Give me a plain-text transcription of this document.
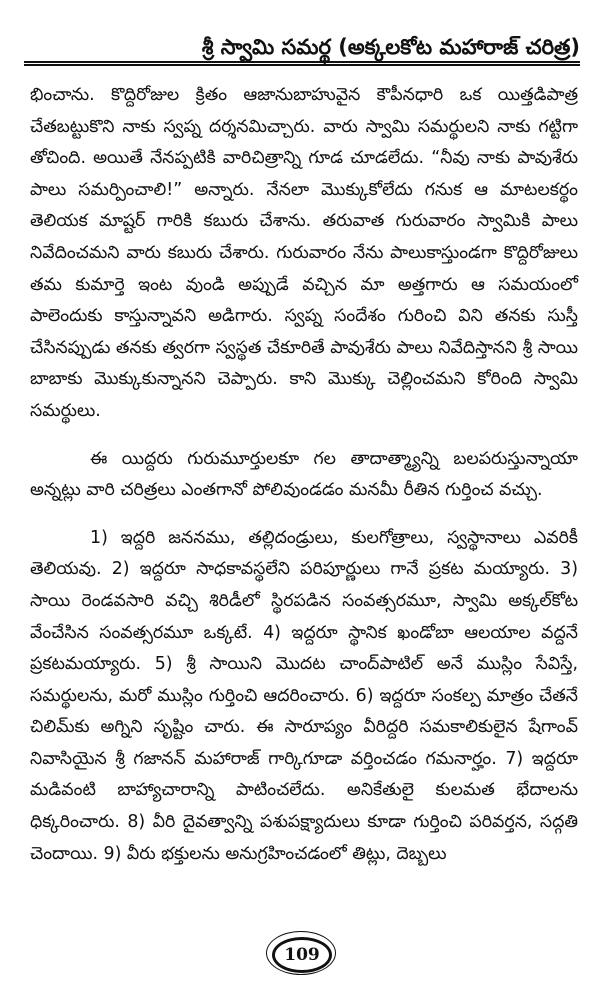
శ్రీ స్వామి సమర్థ (అక్కలకోట మహారాజ్ చరిత్ర)

భించాను. కొద్దిరోజుల క్రితం ఆజానుబాహువైన కౌపీనధారి ఒక యిత్తడిపాత్ర చేతబట్టుకొని నాకు స్వప్న దర్శనమిచ్చారు. వారు స్వామి సమర్థులని నాకు గట్టిగా తోచింది. అయితే నేనప్పటికి వారిచిత్రాన్ని గూడ చూడలేదు. “నీవు నాకు పావుశేరు పాలు సమర్పించాలి!” అన్నారు. నేనలా మొక్కుకోలేదు గనుక ఆ మాటలకర్థం తెలియక మాష్టర్ గారికి కబురు చేశాను. తరువాత గురువారం స్వామికి పాలు నివేదించమని వారు కబురు చేశారు. గురువారం నేను పాలుకాస్తుండగా కొద్దిరోజులు తమ కుమార్తె ఇంట వుండి అప్పుడే వచ్చిన మా అత్తగారు ఆ సమయంలో పాలెందుకు కాస్తున్నావని అడిగారు. స్వప్న సందేశం గురించి విని తనకు సుస్తీ చేసినప్పుడు తనకు త్వరగా స్వస్థత చేకూరితే పావుశేరు పాలు నివేదిస్తానని శ్రీ సాయి బాబాకు మొక్కుకున్నానని చెప్పారు. కాని మొక్కు చెల్లించమని కోరింది స్వామి సమర్థులు.

ఈ యిద్దరు గురుమూర్తులకూ గల తాదాత్మ్యాన్ని బలపరుస్తున్నాయా అన్నట్లు వారి చరిత్రలు ఎంతగానో పోలివుండడం మనమీ రీతిన గుర్తించ వచ్చు.

1) ఇద్దరి జననము, తల్లిదండ్రులు, కులగోత్రాలు, స్వస్థానాలు ఎవరికీ తెలియవు. 2) ఇద్దరూ సాధకావస్థలేని పరిపూర్ణులు గానే ప్రకట మయ్యారు. 3) సాయి రెండవసారి వచ్చి శిరిడీలో స్థిరపడిన సంవత్సరమూ, స్వామి అక్కల్‌కోట వేంచేసిన సంవత్సరమూ ఒక్కటే. 4) ఇద్దరూ స్థానిక ఖండోబా ఆలయాల వద్దనే ప్రకటమయ్యారు. 5) శ్రీ సాయిని మొదట చాంద్‌పాటిల్ అనే ముస్లిం సేవిస్తే, సమర్థులను, మరో ముస్లిం గుర్తించి ఆదరించారు. 6) ఇద్దరూ సంకల్ప మాత్రం చేతనే చిలిమ్‌కు అగ్నిని సృష్టిం చారు. ఈ సారూప్యం వీరిద్దరి సమకాలికులైన షేగాంవ్ నివాసియైన శ్రీ గజానన్ మహారాజ్ గార్కిగూడా వర్తించడం గమనార్హం. 7) ఇద్దరూ మడివంటి బాహ్యాచారాన్ని పాటించలేదు. అనికేతులై కులమత భేదాలను ధిక్కరించారు. 8) వీరి దైవత్వాన్ని పశుపక్ష్యాదులు కూడా గుర్తించి పరివర్తన, సద్గతి చెందాయి. 9) వీరు భక్తులను అనుగ్రహించడంలో తిట్లు, దెబ్బలు

109
